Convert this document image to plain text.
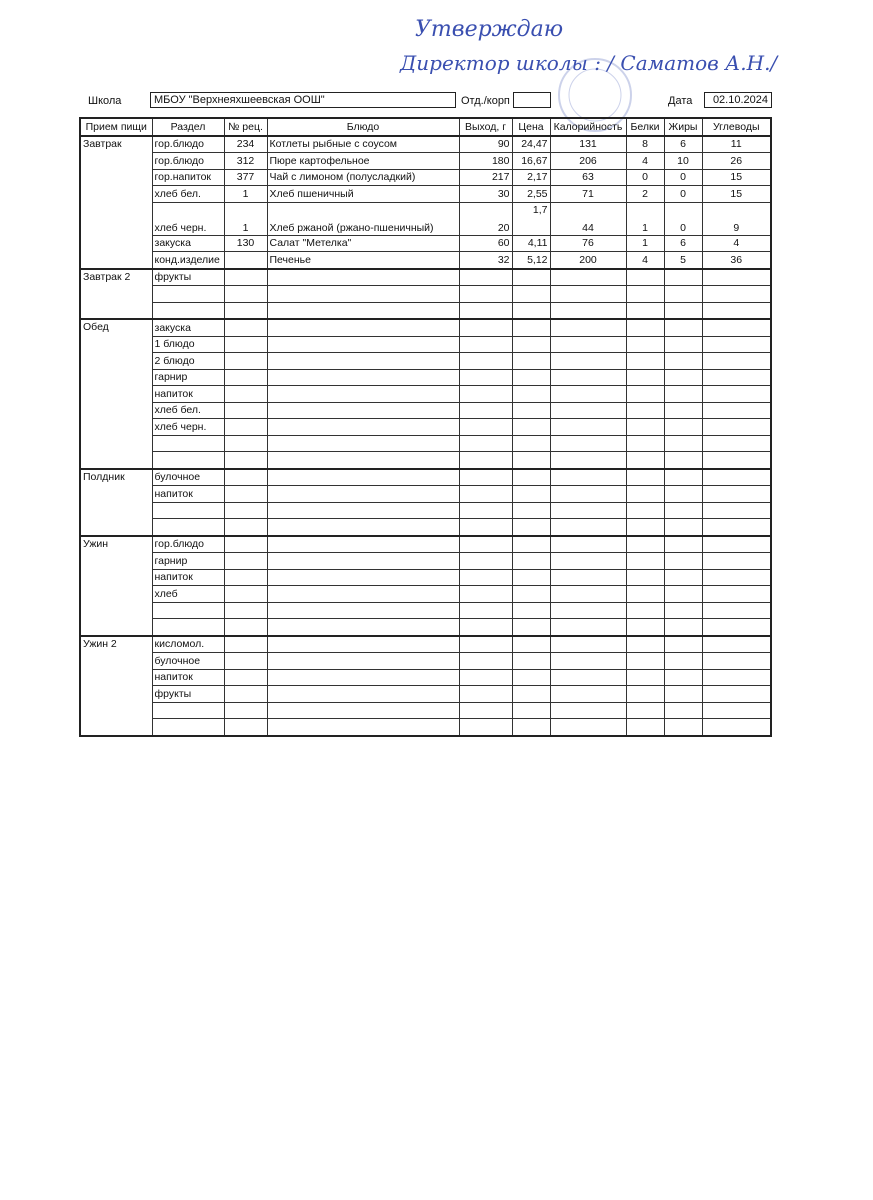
Утверждаю
Директор школы : / Саматов А.Н./
Школа	МБОУ "Верхнеяхшеевская ООШ"	Отд./корп	Дата	02.10.2024
Прием пищи	Раздел	№ рец.	Блюдо	Выход, г	Цена	Калорийность	Белки	Жиры	Углеводы
Завтрак	гор.блюдо	234	Котлеты рыбные с соусом	90	24,47	131	8	6	11
	гор.блюдо	312	Пюре картофельное	180	16,67	206	4	10	26
	гор.напиток	377	Чай с лимоном (полусладкий)	217	2,17	63	0	0	15
	хлеб бел.	1	Хлеб пшеничный	30	2,55	71	2	0	15
	хлеб черн.	1	Хлеб ржаной (ржано-пшеничный)	20	1,7	44	1	0	9
	закуска	130	Салат "Метелка"	60	4,11	76	1	6	4
	конд.изделие		Печенье	32	5,12	200	4	5	36
Завтрак 2	фрукты								

Обед	закуска								
	1 блюдо								
	2 блюдо								
	гарнир								
	напиток								
	хлеб бел.								
	хлеб черн.								

Полдник	булочное								
	напиток								

Ужин	гор.блюдо								
	гарнир								
	напиток								
	хлеб								

Ужин 2	кисломол.								
	булочное								
	напиток								
	фрукты								
